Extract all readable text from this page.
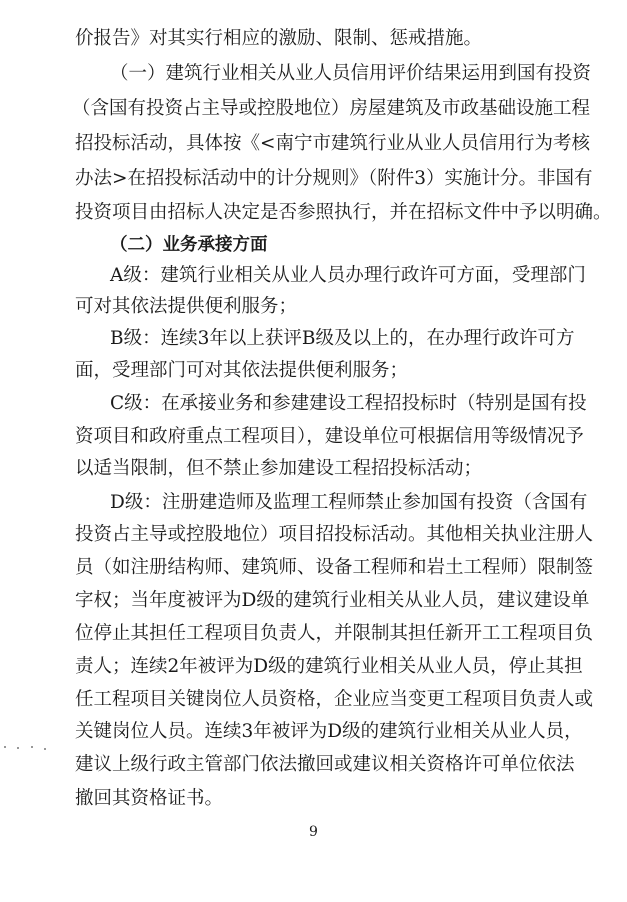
价报告》对其实行相应的激励、限制、惩戒措施。
（一）建筑行业相关从业人员信用评价结果运用到国有投资
（含国有投资占主导或控股地位）房屋建筑及市政基础设施工程
招投标活动，具体按《<南宁市建筑行业从业人员信用行为考核
办法>在招投标活动中的计分规则》（附件3）实施计分。非国有
投资项目由招标人决定是否参照执行，并在招标文件中予以明确。
（二）业务承接方面
A级：建筑行业相关从业人员办理行政许可方面，受理部门
可对其依法提供便利服务；
B级：连续3年以上获评B级及以上的，在办理行政许可方
面，受理部门可对其依法提供便利服务；
C级：在承接业务和参建建设工程招投标时（特别是国有投
资项目和政府重点工程项目），建设单位可根据信用等级情况予
以适当限制，但不禁止参加建设工程招投标活动；
D级：注册建造师及监理工程师禁止参加国有投资（含国有
投资占主导或控股地位）项目招投标活动。其他相关执业注册人
员（如注册结构师、建筑师、设备工程师和岩土工程师）限制签
字权；当年度被评为D级的建筑行业相关从业人员，建议建设单
位停止其担任工程项目负责人，并限制其担任新开工工程项目负
责人；连续2年被评为D级的建筑行业相关从业人员，停止其担
任工程项目关键岗位人员资格，企业应当变更工程项目负责人或
关键岗位人员。连续3年被评为D级的建筑行业相关从业人员，
建议上级行政主管部门依法撤回或建议相关资格许可单位依法
撤回其资格证书。
9
